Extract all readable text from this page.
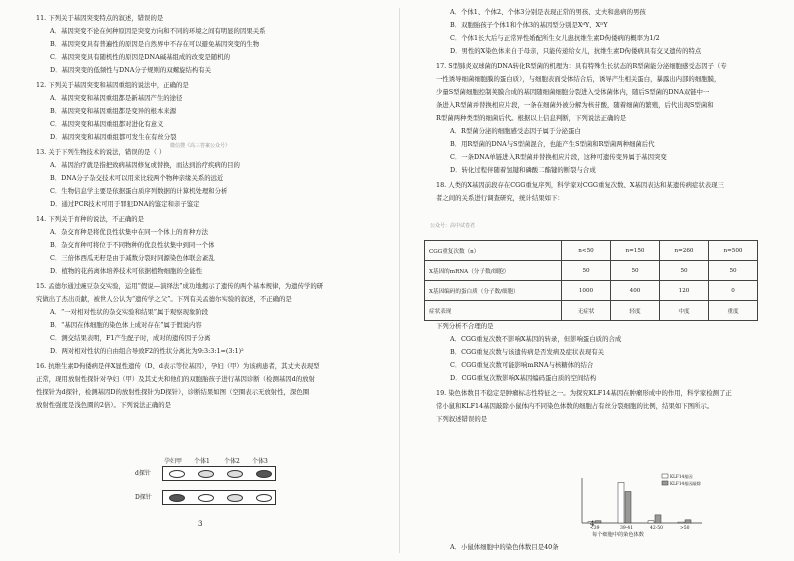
11. 下列关于基因突变特点的叙述，错误的是
A．基因突变不论在何种原因是突变方向和不同的环境之间有明显的因果关系
B．基因突变具有普遍性的原因是自然界中不存在可以避免基因突变的生物
C．基因突变具有随机性的原因是DNA碱基组成的改变是随机的
D．基因突变的低频性与DNA分子规则的双螺旋结构有关
12. 下列关于基因突变和基因重组的说法中，正确的是
A．基因突变和基因重组都是新基因产生的途径
B．基因突变和基因重组都是变异的根本来源
C．基因突变和基因重组都对进化有意义
D．基因突变和基因重组都可发生在有丝分裂
13. 关于下列生物技术的说法，错误的是（ ）
A．基因治疗就是指把致病基因修复或替换，而达到治疗疾病的目的
B．DNA分子杂交技术可以用来比较两个物种亲缘关系的远近
C．生物信息学主要是依据蛋白质序列数据的计算机处理和分析
D．通过PCR技术可用于罪犯DNA的鉴定和亲子鉴定
14. 下列关于育种的说法，不正确的是
A．杂交育种是将优良性状集中在同一个体上的育种方法
B．杂交育种可将位于不同物种的优良性状集中到同一个体
C．三倍体西瓜无籽是由于减数分裂时同源染色体联会紊乱
D．植物的花药离体培养技术可依据植物细胞的全能性
15. 孟德尔通过豌豆杂交实验，运用“假说—演绎法”成功地揭示了遗传的两个基本规律，为遗传学的研
究做出了杰出贡献，被世人公认为“遗传学之父”。下列有关孟德尔实验的叙述，不正确的是
A．“一对相对性状的杂交实验和结果”属于观察现象阶段
B．“基因在体细胞的染色体上成对存在”属于假说内容
C．测交结果表明，F1产生配子时，成对的遗传因子分离
D．两对相对性状的自由组合导致F2的性状分离比为9:3:3:1=(3:1)²
16. 抗维生素D佝偻病是伴X显性遗传（D、d表示等位基因），孕妇（甲）为该病患者，其丈夫表现型
正常，现用放射性探针对孕妇（甲）及其丈夫和他们的双胞胎孩子进行基因诊断（检测基因d的放射
性探针为d探针，检测基因D的放射性探针为D探针），诊断结果如图（空圈表示无放射性，深色圈
放射性强度是浅色圈的2倍）。下列说法正确的是
A．个体1、个体2、个体3分别是表现正常的男孩、丈夫和患病的男孩
B．双胞胎孩子个体1和个体3的基因型分别是XᵈY、XᴰY
C．个体1长大后与正常异性婚配所生女儿患抗维生素D佝偻病的概率为1/2
D．男性的X染色体来自于母亲，只能传递给女儿，抗维生素D佝偻病具有交叉遗传的特点
17. S型肺炎双球菌的DNA转化R型菌的机理为：具有特殊生长状态的R型菌能分泌细胞感受态因子（专
一性诱导细菌细胞膜的蛋白质），与细胞表面受体结合后，诱导产生相关蛋白，暴露出内部的细胞膜，
少量S型菌细胞控制荚膜合成的基因随细菌细胞分裂进入受体菌体内，随后S型菌的DNA双链中一
条进入R型菌并替换相应片段，一条在细菌外被分解为核苷酸，随着细菌的繁殖，后代出现S型菌和
R型菌两种类型的细菌后代。根据以上信息判断，下列说法正确的是
A．R型菌分泌的细胞感受态因子属于分泌蛋白
B．用R型菌的DNA与S型菌混合，也能产生S型菌和R型菌两种细菌后代
C．一条DNA单链进入R型菌并替换相应片段，这种可遗传变异属于基因突变
D．转化过程伴随着氢键和磷酸二酯键的断裂与合成
18. 人类的X基因前段存在CGG重复序列，科学家对CGG重复次数、X基因表达和某遗传病症状表现三
者之间的关系进行调查研究，统计结果如下：
下列分析不合理的是
A．CGG重复次数不影响X基因的转录，但影响蛋白质的合成
B．CGG重复次数与该遗传病是否发病及症状表现有关
C．CGG重复次数可能影响mRNA与核糖体的结合
D．CGG重复次数影响X基因编码蛋白质的空间结构
19. 染色体数目不稳定是肿瘤标志性特征之一。为探究KLF14基因在肿瘤形成中的作用，科学家检测了正
常小鼠和KLF14基因敲除小鼠体内不同染色体数的细胞占有丝分裂细胞的比例，结果如下图所示。
下列叙述错误的是
A．小鼠体细胞中的染色体数目是40条
孕妇甲 个体1 个体2 个体3
d探针
D探针
CGG重复次数（n）	n<50	n=150	n=260	n=500
X基因的mRNA（分子数/细胞）	50	50	50	50
X基因编码的蛋白质（分子数/细胞）	1000	400	120	0
症状表现	无症状	轻度	中度	重度
<39	39-41	42-50	>50
每个细胞中的染色体数
KLF14基因
KLF14基因敲除
微信搜《高三答案公众号》
公众号：高中试卷君
3	4
